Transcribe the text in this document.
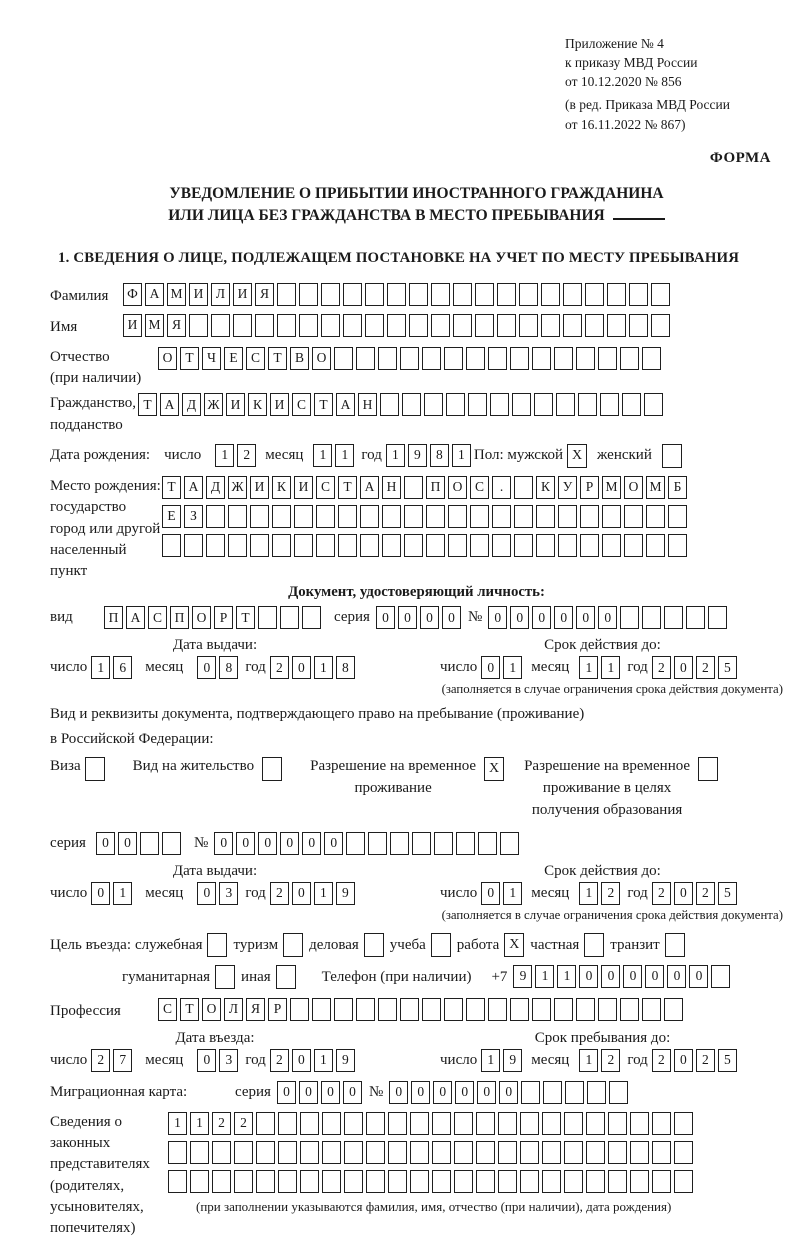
Приложение № 4
к приказу МВД России
от 10.12.2020 № 856
(в ред. Приказа МВД России
от 16.11.2022 № 867)
ФОРМА
УВЕДОМЛЕНИЕ О ПРИБЫТИИ ИНОСТРАННОГО ГРАЖДАНИНА
ИЛИ ЛИЦА БЕЗ ГРАЖДАНСТВА В МЕСТО ПРЕБЫВАНИЯ
1. СВЕДЕНИЯ О ЛИЦЕ, ПОДЛЕЖАЩЕМ ПОСТАНОВКЕ НА УЧЕТ ПО МЕСТУ ПРЕБЫВАНИЯ
Фамилия	Ф А М И Л И Я
Имя	И М Я
Отчество
(при наличии)
О Т Ч Е С Т В О
Гражданство,
подданство
Т А Д Ж И К И С Т А Н
Дата рождения: число	1	2	месяц	1	1 год 1	9	8	1 Пол: мужской X женский
Место рождения:
государство
город или другой
населенный пункт
Т А Д Ж И К И С Т А Н	П О С	.	К У Р М О М Б
Е	З
Документ, удостоверяющий личность:
вид	П А С П О Р	Т	серия 0	0	0	0 № 0	0	0	0	0	0
Дата выдачи:
число 1	6	месяц	0	8 год 2	0	1	8
Срок действия до:
число 0	1	месяц	1	1 год 2	0	2	5
(заполняется в случае ограничения срока действия документа)
Вид и реквизиты документа, подтверждающего право на пребывание (проживание)
в Российской Федерации:
Виза	Вид на жительство	Разрешение на временное
проживание
X	Разрешение на временное
проживание в целях
получения образования
серия	0	0	№ 0	0	0	0	0	0
Дата выдачи:
число 0	1	месяц	0	3 год 2	0	1	9
Срок действия до:
число 0	1	месяц	1	2 год 2	0	2	5
(заполняется в случае ограничения срока действия документа)
Цель въезда: служебная туризм деловая учеба работа X частная транзит
гуманитарная иная	Телефон (при наличии) +7 9	1	1	0	0	0	0	0	0
Профессия	С Т О Л Я	Р
Дата въезда:
число 2	7	месяц	0	3 год 2	0	1	9
Срок пребывания до:
число 1	9	месяц	1	2 год 2	0	2	5
Миграционная карта:	серия 0	0	0	0 № 0	0	0	0	0	0
Сведения о
законных
представителях
(родителях,
усыновителях,
попечителях)
1	1	2	2
(при заполнении указываются фамилия, имя, отчество (при наличии), дата рождения)
